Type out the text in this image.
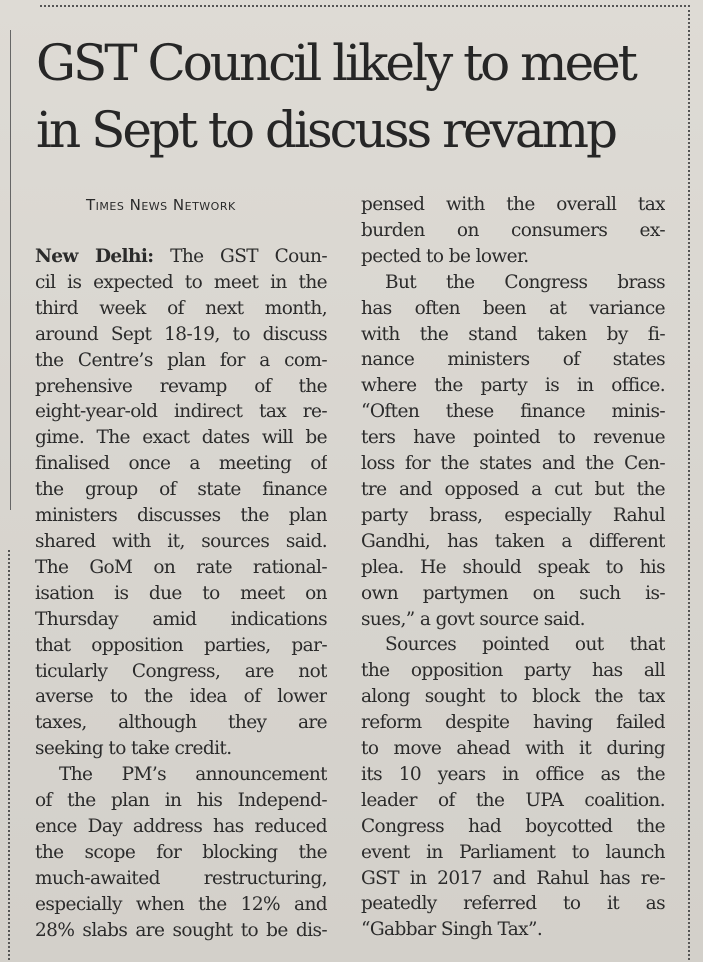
GST Council likely to meet
in Sept to discuss revamp
Times News Network
New Delhi: The GST Coun-
cil is expected to meet in the
third week of next month,
around Sept 18-19, to discuss
the Centre’s plan for a com-
prehensive revamp of the
eight-year-old indirect tax re-
gime. The exact dates will be
finalised once a meeting of
the group of state finance
ministers discusses the plan
shared with it, sources said.
The GoM on rate rational-
isation is due to meet on
Thursday amid indications
that opposition parties, par-
ticularly Congress, are not
averse to the idea of lower
taxes, although they are
seeking to take credit.
The PM’s announcement
of the plan in his Independ-
ence Day address has reduced
the scope for blocking the
much-awaited restructuring,
especially when the 12% and
28% slabs are sought to be dis-
pensed with the overall tax
burden on consumers ex-
pected to be lower.
But the Congress brass
has often been at variance
with the stand taken by fi-
nance ministers of states
where the party is in office.
“Often these finance minis-
ters have pointed to revenue
loss for the states and the Cen-
tre and opposed a cut but the
party brass, especially Rahul
Gandhi, has taken a different
plea. He should speak to his
own partymen on such is-
sues,” a govt source said.
Sources pointed out that
the opposition party has all
along sought to block the tax
reform despite having failed
to move ahead with it during
its 10 years in office as the
leader of the UPA coalition.
Congress had boycotted the
event in Parliament to launch
GST in 2017 and Rahul has re-
peatedly referred to it as
“Gabbar Singh Tax”.
